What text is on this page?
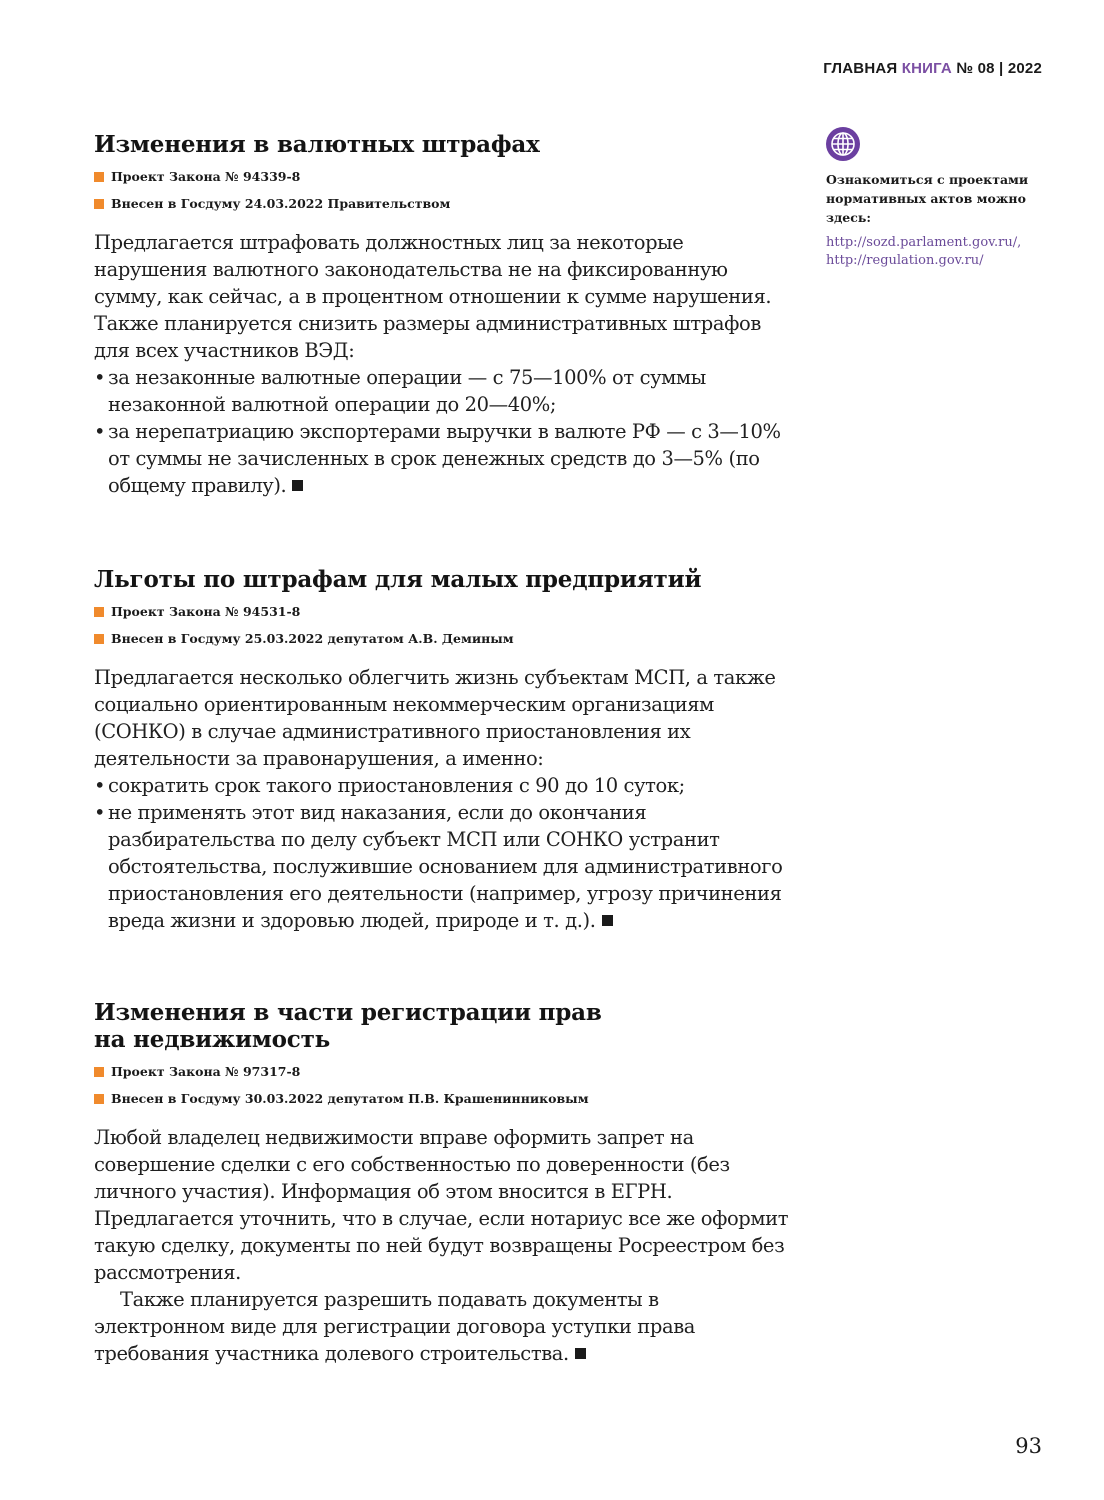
ГЛАВНАЯ КНИГА № 08 | 2022
Изменения в валютных штрафах
Проект Закона № 94339-8
Внесен в Госдуму 24.03.2022 Правительством

Предлагается штрафовать должностных лиц за некоторые нарушения валютного законодательства не на фиксированную сумму, как сейчас, а в процентном отношении к сумме нарушения. Также планируется снизить размеры административных штрафов для всех участников ВЭД:

• за незаконные валютные операции — с 75—100% от суммы незаконной валютной операции до 20—40%;
• за нерепатриацию экспортерами выручки в валюте РФ — с 3—10% от суммы не зачисленных в срок денежных средств до 3—5% (по общему правилу).
Льготы по штрафам для малых предприятий
Проект Закона № 94531-8
Внесен в Госдуму 25.03.2022 депутатом А.В. Деминым

Предлагается несколько облегчить жизнь субъектам МСП, а также социально ориентированным некоммерческим организациям (СОНКО) в случае административного приостановления их деятельности за правонарушения, а именно:

• сократить срок такого приостановления с 90 до 10 суток;
• не применять этот вид наказания, если до окончания разбирательства по делу субъект МСП или СОНКО устранит обстоятельства, послужившие основанием для административного приостановления его деятельности (например, угрозу причинения вреда жизни и здоровью людей, природе и т. д.).
Изменения в части регистрации прав на недвижимость
Проект Закона № 97317-8
Внесен в Госдуму 30.03.2022 депутатом П.В. Крашенинниковым

Любой владелец недвижимости вправе оформить запрет на совершение сделки с его собственностью по доверенности (без личного участия). Информация об этом вносится в ЕГРН. Предлагается уточнить, что в случае, если нотариус все же оформит такую сделку, документы по ней будут возвращены Росреестром без рассмотрения.

Также планируется разрешить подавать документы в электронном виде для регистрации договора уступки права требования участника долевого строительства.

Ознакомиться с проектами нормативных актов можно здесь:
http://sozd.parlament.gov.ru/,
http://regulation.gov.ru/
93
